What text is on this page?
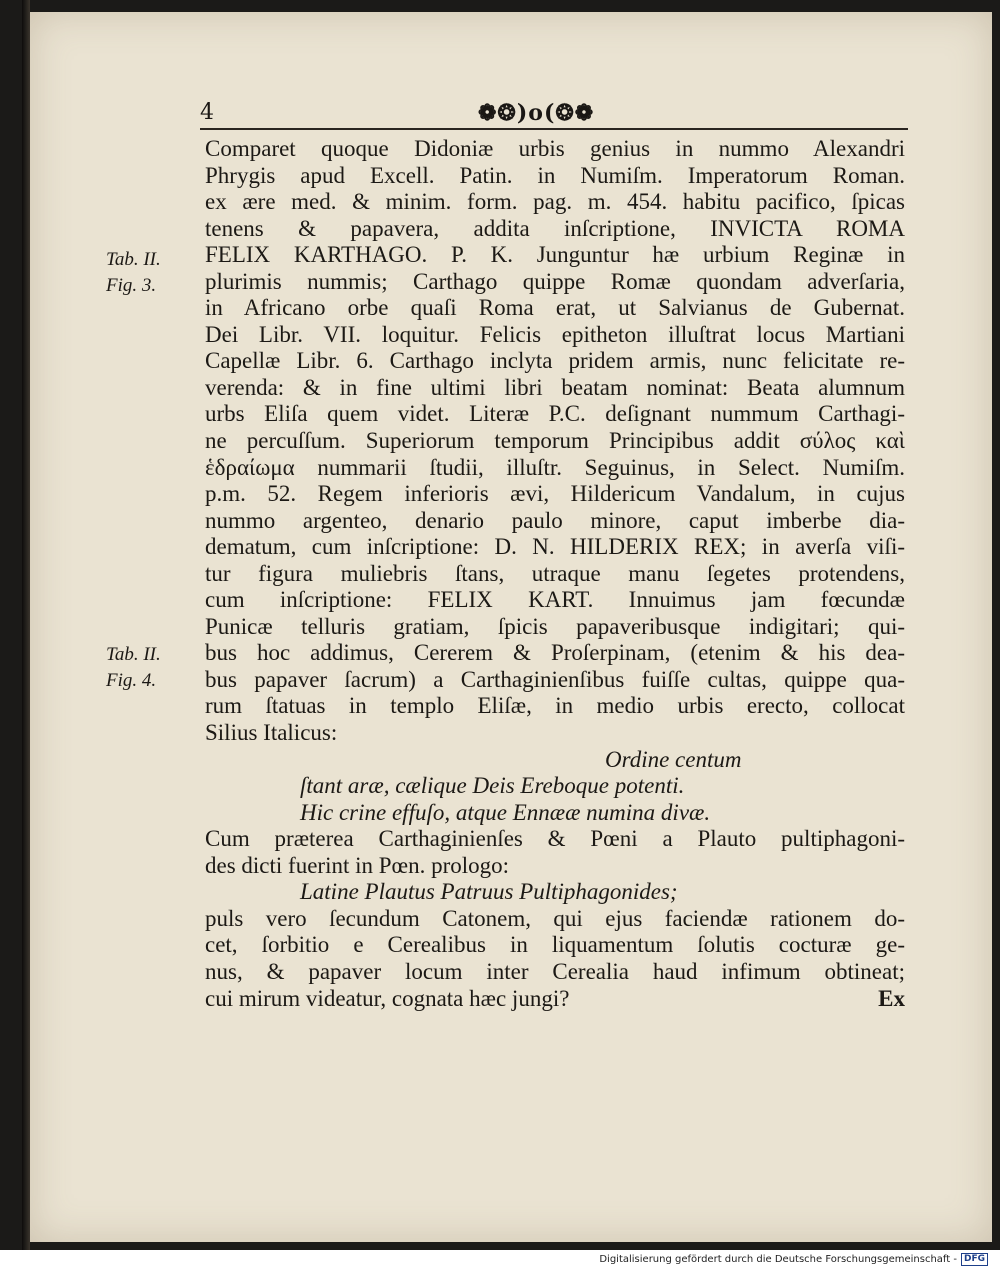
4	❁❂)o(❂❁
Tab. II.
Fig. 3.
Tab. II.
Fig. 4.
Comparet quoque Didoniæ urbis genius in nummo Alexandri
Phrygis apud Excell. Patin. in Numiſm. Imperatorum Roman.
ex ære med. & minim. form. pag. m. 454. habitu pacifico, ſpicas
tenens & papavera, addita inſcriptione, INVICTA ROMA
FELIX KARTHAGO. P. K. Junguntur hæ urbium Reginæ in
plurimis nummis; Carthago quippe Romæ quondam adverſaria,
in Africano orbe quaſi Roma erat, ut Salvianus de Gubernat.
Dei Libr. VII. loquitur. Felicis epitheton illuſtrat locus Martiani
Capellæ Libr. 6. Carthago inclyta pridem armis, nunc felicitate re-
verenda: & in fine ultimi libri beatam nominat: Beata alumnum
urbs Eliſa quem videt. Literæ P.C. deſignant nummum Carthagi-
ne percuſſum. Superiorum temporum Principibus addit σύλος καὶ
ἑδραίωμα nummarii ſtudii, illuſtr. Seguinus, in Select. Numiſm.
p.m. 52. Regem inferioris ævi, Hildericum Vandalum, in cujus
nummo argenteo, denario paulo minore, caput imberbe dia-
dematum, cum inſcriptione: D. N. HILDERIX REX; in averſa viſi-
tur figura muliebris ſtans, utraque manu ſegetes protendens,
cum inſcriptione: FELIX KART. Innuimus jam fœcundæ
Punicæ telluris gratiam, ſpicis papaveribusque indigitari; qui-
bus hoc addimus, Cererem & Proſerpinam, (etenim & his dea-
bus papaver ſacrum) a Carthaginienſibus fuiſſe cultas, quippe qua-
rum ſtatuas in templo Eliſæ, in medio urbis erecto, collocat
Silius Italicus:
Ordine centum
ſtant aræ, cælique Deis Ereboque potenti.
Hic crine effuſo, atque Ennææ numina divæ.
Cum præterea Carthaginienſes & Pœni a Plauto pultiphagoni-
des dicti fuerint in Pœn. prologo:
Latine Plautus Patruus Pultiphagonides;
puls vero ſecundum Catonem, qui ejus faciendæ rationem do-
cet, ſorbitio e Cerealibus in liquamentum ſolutis cocturæ ge-
nus, & papaver locum inter Cerealia haud infimum obtineat;
cui mirum videatur, cognata hæc jungi?	Ex
Digitalisierung gefördert durch die Deutsche Forschungsgemeinschaft - DFG
